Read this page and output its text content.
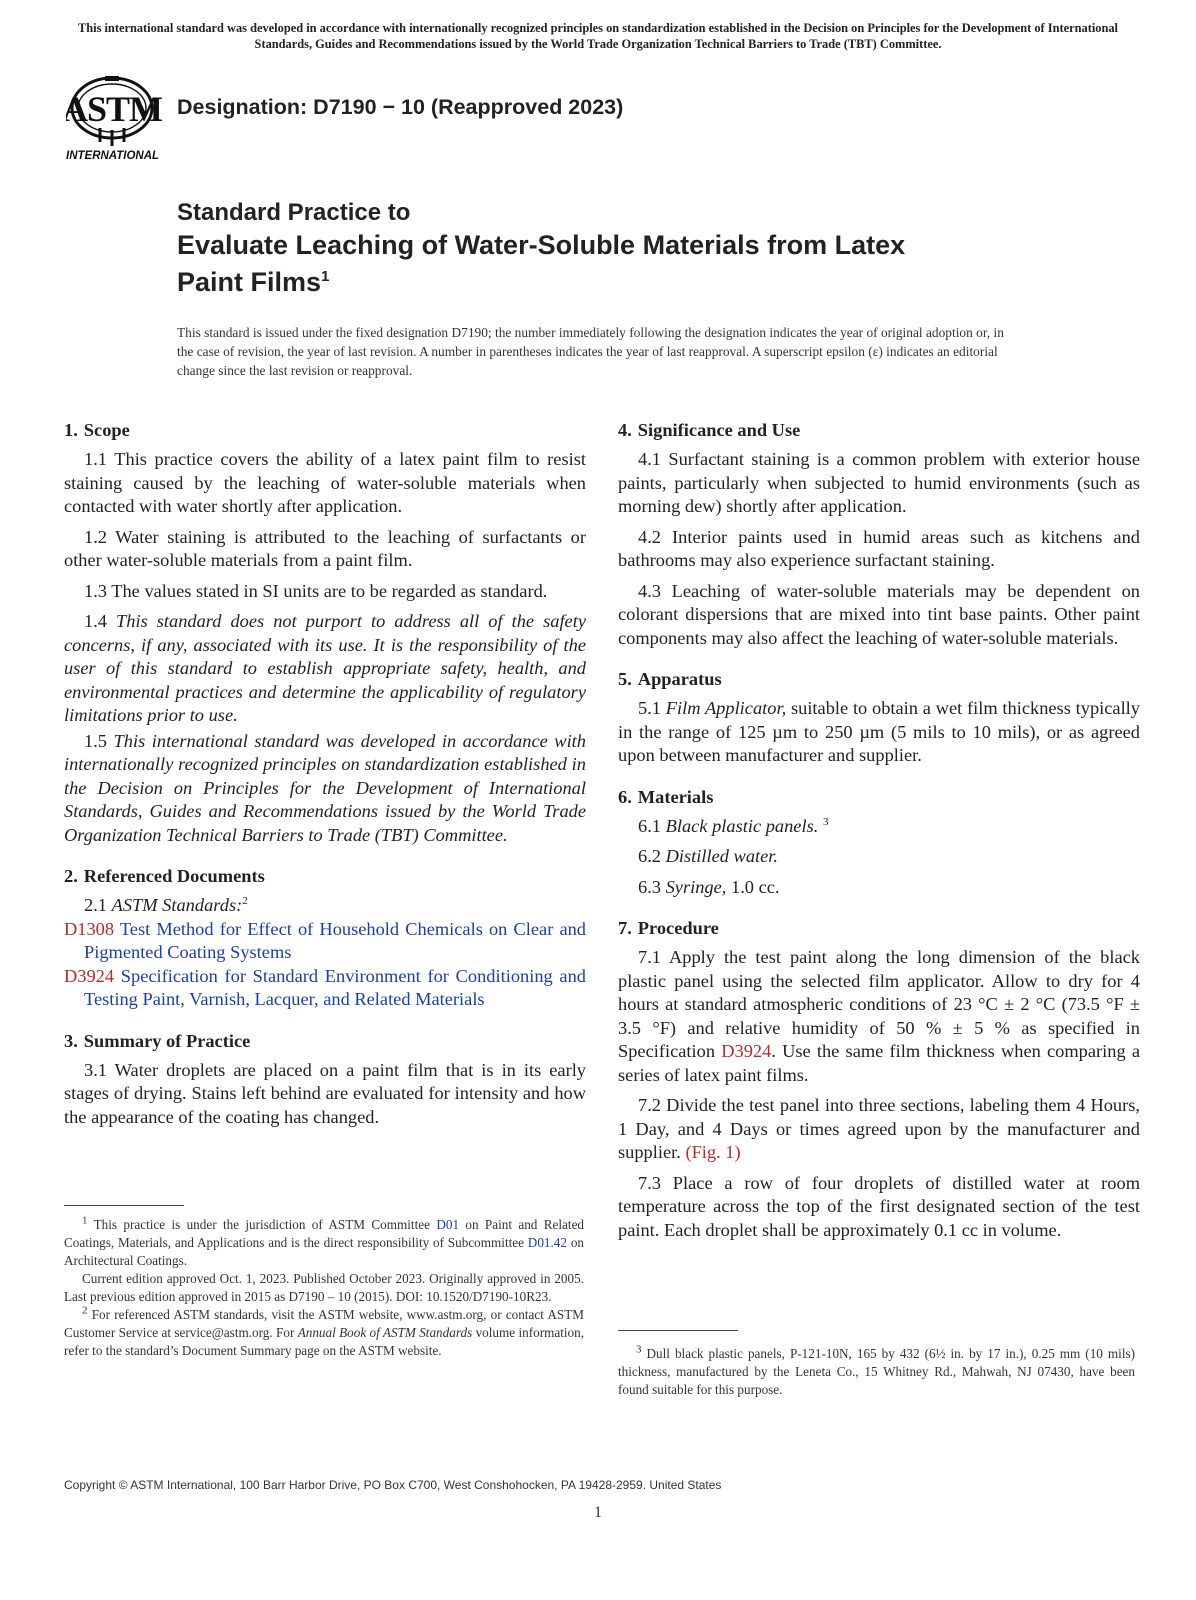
This international standard was developed in accordance with internationally recognized principles on standardization established in the Decision on Principles for the Development of International Standards, Guides and Recommendations issued by the World Trade Organization Technical Barriers to Trade (TBT) Committee.
ASTM
INTERNATIONAL
Designation: D7190 − 10 (Reapproved 2023)
Standard Practice to
Evaluate Leaching of Water-Soluble Materials from Latex
Paint Films$^1$
This standard is issued under the fixed designation D7190; the number immediately following the designation indicates the year of original adoption or, in the case of revision, the year of last revision. A number in parentheses indicates the year of last reapproval. A superscript epsilon (ε) indicates an editorial change since the last revision or reapproval.
1. Scope

1.1 This practice covers the ability of a latex paint film to resist staining caused by the leaching of water-soluble materials when contacted with water shortly after application.

1.2 Water staining is attributed to the leaching of surfactants or other water-soluble materials from a paint film.

1.3 The values stated in SI units are to be regarded as standard.

1.4 This standard does not purport to address all of the safety concerns, if any, associated with its use. It is the responsibility of the user of this standard to establish appropriate safety, health, and environmental practices and determine the applicability of regulatory limitations prior to use.

1.5 This international standard was developed in accordance with internationally recognized principles on standardization established in the Decision on Principles for the Development of International Standards, Guides and Recommendations issued by the World Trade Organization Technical Barriers to Trade (TBT) Committee.

2. Referenced Documents

2.1 ASTM Standards:$^2$

D1308 Test Method for Effect of Household Chemicals on Clear and Pigmented Coating Systems

D3924 Specification for Standard Environment for Conditioning and Testing Paint, Varnish, Lacquer, and Related Materials

3. Summary of Practice

3.1 Water droplets are placed on a paint film that is in its early stages of drying. Stains left behind are evaluated for intensity and how the appearance of the coating has changed.

4. Significance and Use

4.1 Surfactant staining is a common problem with exterior house paints, particularly when subjected to humid environments (such as morning dew) shortly after application.

4.2 Interior paints used in humid areas such as kitchens and bathrooms may also experience surfactant staining.

4.3 Leaching of water-soluble materials may be dependent on colorant dispersions that are mixed into tint base paints. Other paint components may also affect the leaching of water-soluble materials.

5. Apparatus

5.1 Film Applicator, suitable to obtain a wet film thickness typically in the range of 125 µm to 250 µm (5 mils to 10 mils), or as agreed upon between manufacturer and supplier.

6. Materials

6.1 Black plastic panels. $^3$

6.2 Distilled water.

6.3 Syringe, 1.0 cc.

7. Procedure

7.1 Apply the test paint along the long dimension of the black plastic panel using the selected film applicator. Allow to dry for 4 hours at standard atmospheric conditions of 23 °C ± 2 °C (73.5 °F ± 3.5 °F) and relative humidity of 50 % ± 5 % as specified in Specification D3924. Use the same film thickness when comparing a series of latex paint films.

7.2 Divide the test panel into three sections, labeling them 4 Hours, 1 Day, and 4 Days or times agreed upon by the manufacturer and supplier. (Fig. 1)

7.3 Place a row of four droplets of distilled water at room temperature across the top of the first designated section of the test paint. Each droplet shall be approximately 0.1 cc in volume.

$^1$ This practice is under the jurisdiction of ASTM Committee D01 on Paint and Related Coatings, Materials, and Applications and is the direct responsibility of Subcommittee D01.42 on Architectural Coatings.

Current edition approved Oct. 1, 2023. Published October 2023. Originally approved in 2005. Last previous edition approved in 2015 as D7190 – 10 (2015). DOI: 10.1520/D7190-10R23.

$^2$ For referenced ASTM standards, visit the ASTM website, www.astm.org, or contact ASTM Customer Service at service@astm.org. For Annual Book of ASTM Standards volume information, refer to the standard’s Document Summary page on the ASTM website.	$^3$ Dull black plastic panels, P-121-10N, 165 by 432 (6½ in. by 17 in.), 0.25 mm (10 mils) thickness, manufactured by the Leneta Co., 15 Whitney Rd., Mahwah, NJ 07430, have been found suitable for this purpose.

Copyright © ASTM International, 100 Barr Harbor Drive, PO Box C700, West Conshohocken, PA 19428-2959. United States
1
